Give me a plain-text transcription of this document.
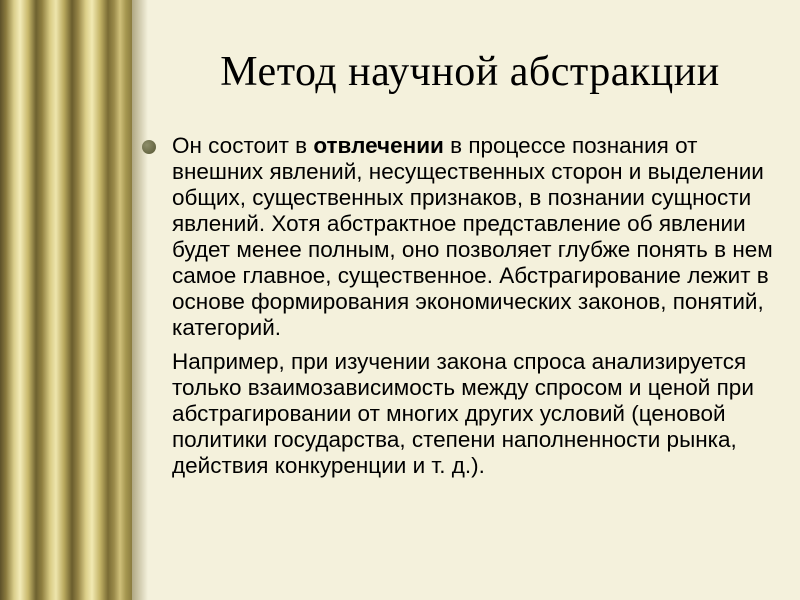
Метод научной абстракции
Он состоит в отвлечении в процессе познания от внешних явлений, несущественных сторон и выделении общих, существенных признаков, в познании сущности явлений. Хотя абстрактное представление об явлении будет менее полным, оно позволяет глубже понять в нем самое главное, существенное. Абстрагирование лежит в основе формирования экономических законов, понятий, категорий.
Например, при изучении закона спроса анализируется только взаимозависимость между спросом и ценой при абстрагировании от многих других условий (ценовой политики государства, степени наполненности рынка, действия конкуренции и т. д.).
